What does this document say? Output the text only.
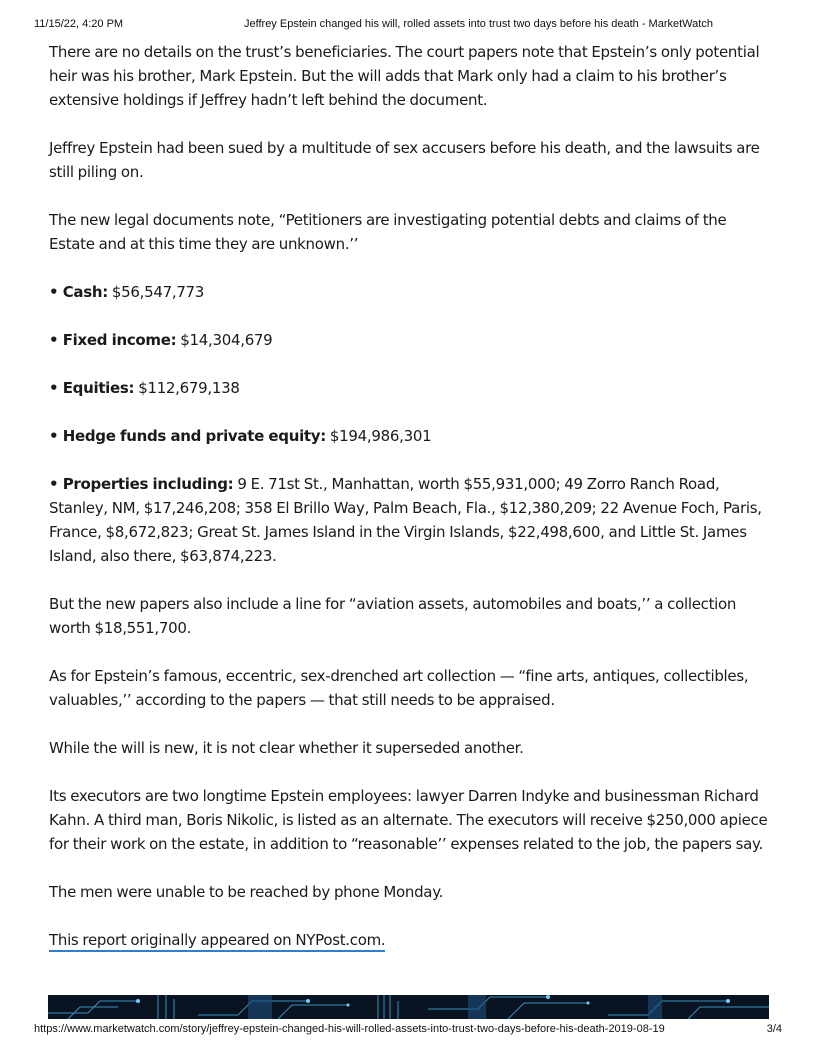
11/15/22, 4:20 PM	Jeffrey Epstein changed his will, rolled assets into trust two days before his death - MarketWatch

There are no details on the trust’s beneficiaries. The court papers note that Epstein’s only potential heir was his brother, Mark Epstein. But the will adds that Mark only had a claim to his brother’s extensive holdings if Jeffrey hadn’t left behind the document.

Jeffrey Epstein had been sued by a multitude of sex accusers before his death, and the lawsuits are still piling on.

The new legal documents note, “Petitioners are investigating potential debts and claims of the Estate and at this time they are unknown.’’

• Cash: $56,547,773

• Fixed income: $14,304,679

• Equities: $112,679,138

• Hedge funds and private equity: $194,986,301

• Properties including: 9 E. 71st St., Manhattan, worth $55,931,000; 49 Zorro Ranch Road, Stanley, NM, $17,246,208; 358 El Brillo Way, Palm Beach, Fla., $12,380,209; 22 Avenue Foch, Paris, France, $8,672,823; Great St. James Island in the Virgin Islands, $22,498,600, and Little St. James Island, also there, $63,874,223.

But the new papers also include a line for “aviation assets, automobiles and boats,’’ a collection worth $18,551,700.

As for Epstein’s famous, eccentric, sex-drenched art collection — “fine arts, antiques, collectibles, valuables,’’ according to the papers — that still needs to be appraised.

While the will is new, it is not clear whether it superseded another.

Its executors are two longtime Epstein employees: lawyer Darren Indyke and businessman Richard Kahn. A third man, Boris Nikolic, is listed as an alternate. The executors will receive $250,000 apiece for their work on the estate, in addition to “reasonable’’ expenses related to the job, the papers say.

The men were unable to be reached by phone Monday.

This report originally appeared on NYPost.com.

https://www.marketwatch.com/story/jeffrey-epstein-changed-his-will-rolled-assets-into-trust-two-days-before-his-death-2019-08-19	3/4
